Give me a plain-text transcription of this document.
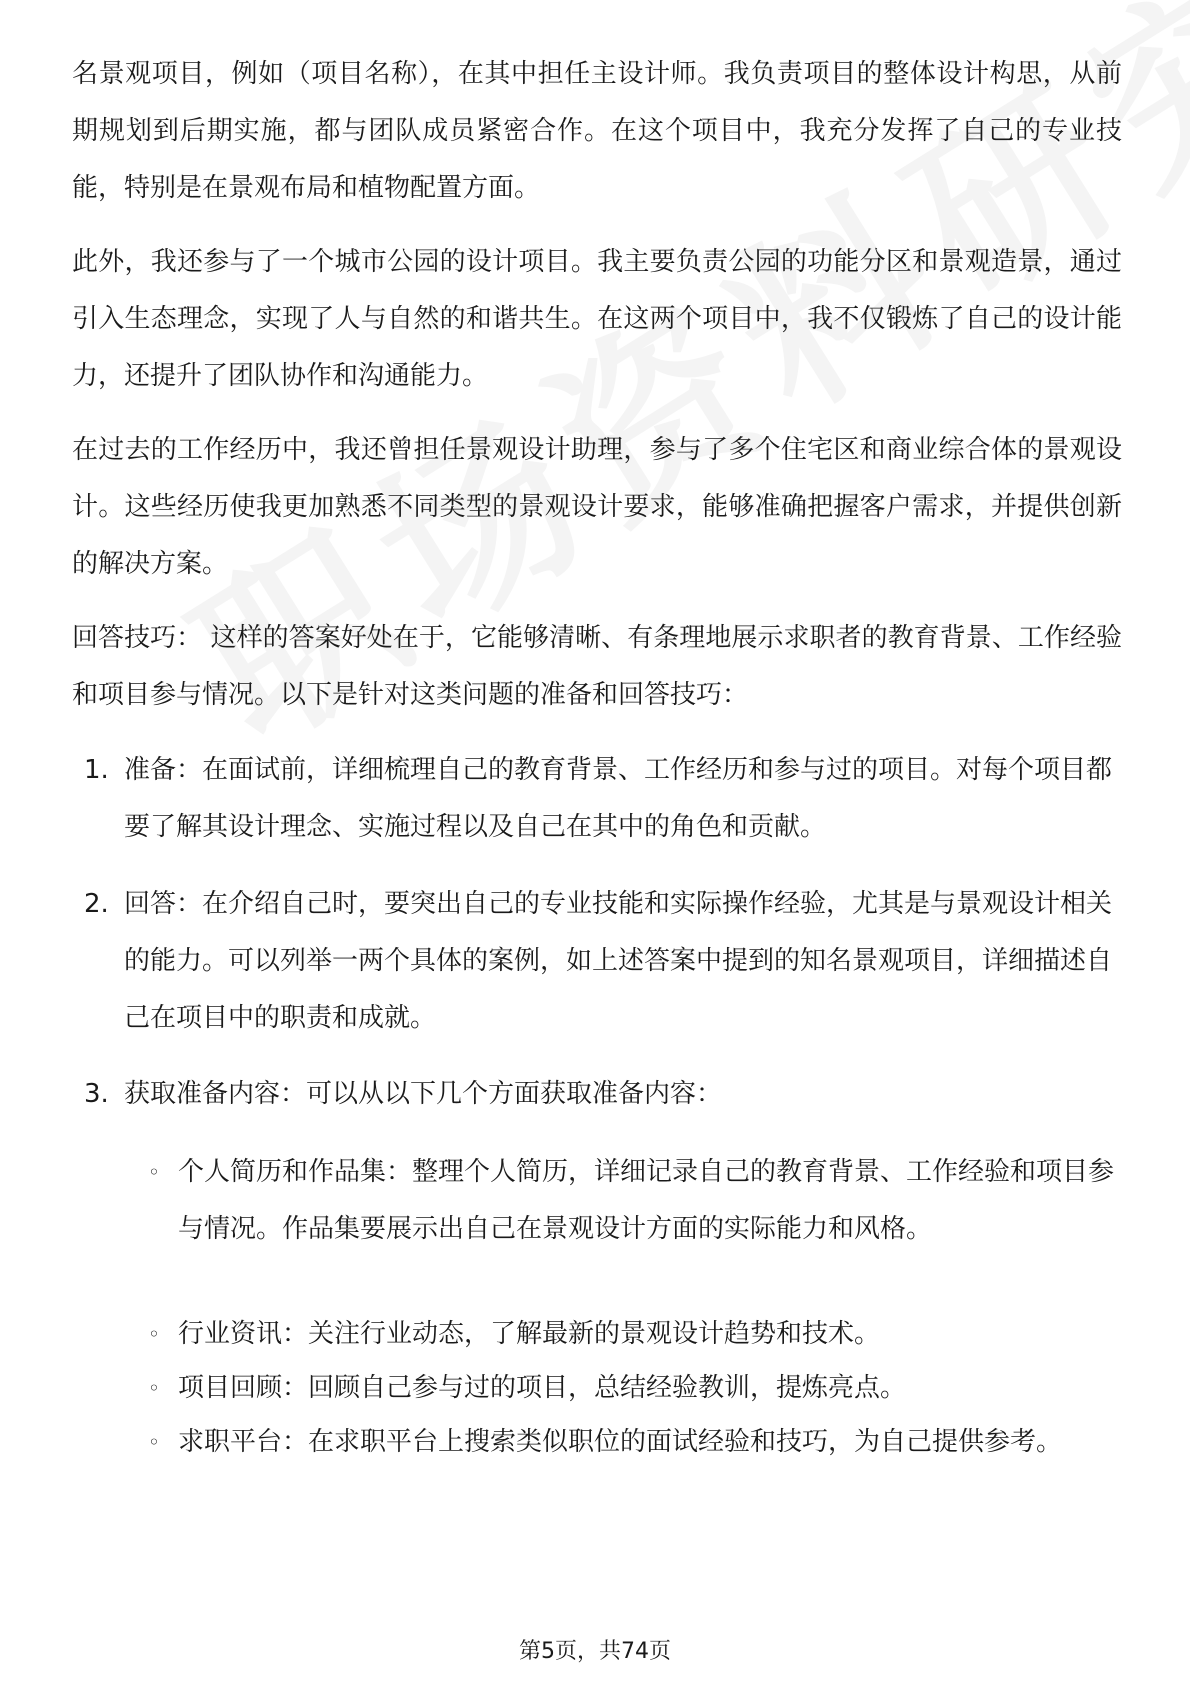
名景观项目，例如（项目名称），在其中担任主设计师。我负责项目的整体设计构思，从前期规划到后期实施，都与团队成员紧密合作。在这个项目中，我充分发挥了自己的专业技能，特别是在景观布局和植物配置方面。

此外，我还参与了一个城市公园的设计项目。我主要负责公园的功能分区和景观造景，通过引入生态理念，实现了人与自然的和谐共生。在这两个项目中，我不仅锻炼了自己的设计能力，还提升了团队协作和沟通能力。

在过去的工作经历中，我还曾担任景观设计助理，参与了多个住宅区和商业综合体的景观设计。这些经历使我更加熟悉不同类型的景观设计要求，能够准确把握客户需求，并提供创新的解决方案。

回答技巧： 这样的答案好处在于，它能够清晰、有条理地展示求职者的教育背景、工作经验和项目参与情况。以下是针对这类问题的准备和回答技巧：

1. 准备：在面试前，详细梳理自己的教育背景、工作经历和参与过的项目。对每个项目都要了解其设计理念、实施过程以及自己在其中的角色和贡献。
2. 回答：在介绍自己时，要突出自己的专业技能和实际操作经验，尤其是与景观设计相关的能力。可以列举一两个具体的案例，如上述答案中提到的知名景观项目，详细描述自己在项目中的职责和成就。
3. 获取准备内容：可以从以下几个方面获取准备内容：
◦ 个人简历和作品集：整理个人简历，详细记录自己的教育背景、工作经验和项目参与情况。作品集要展示出自己在景观设计方面的实际能力和风格。
◦ 行业资讯：关注行业动态，了解最新的景观设计趋势和技术。
◦ 项目回顾：回顾自己参与过的项目，总结经验教训，提炼亮点。
◦ 求职平台：在求职平台上搜索类似职位的面试经验和技巧，为自己提供参考。
第5页，共74页
